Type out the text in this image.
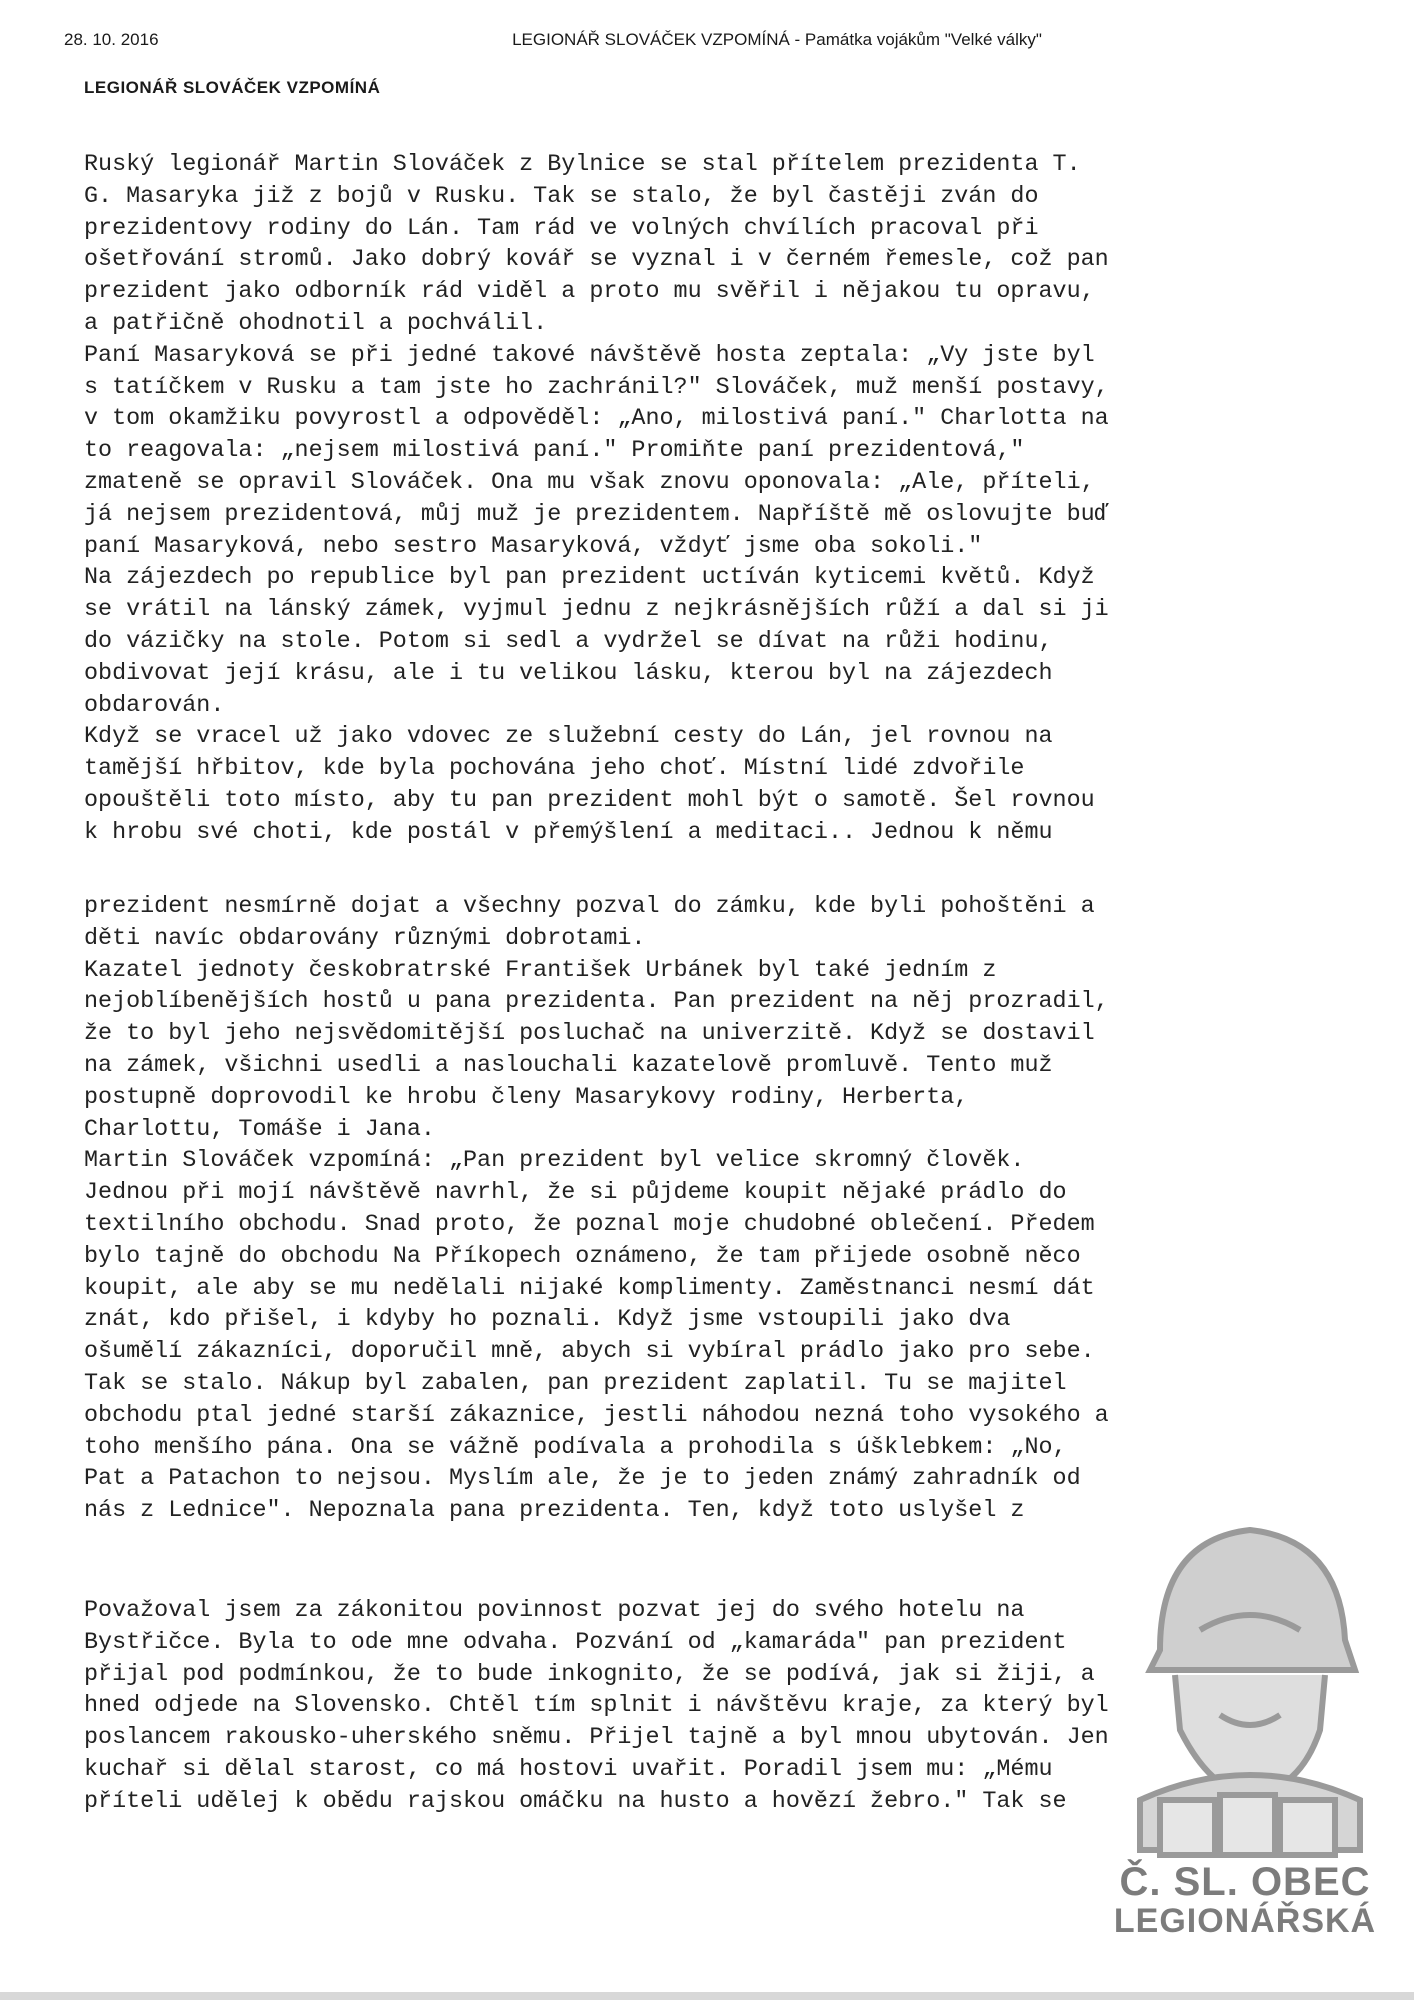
28. 10. 2016	LEGIONÁŘ SLOVÁČEK VZPOMÍNÁ - Památka vojákům "Velké války"
LEGIONÁŘ SLOVÁČEK VZPOMÍNÁ
Ruský legionář Martin Slováček z Bylnice se stal přítelem prezidenta T.
G. Masaryka již z bojů v Rusku. Tak se stalo, že byl častěji zván do
prezidentovy rodiny do Lán. Tam rád ve volných chvílích pracoval při
ošetřování stromů. Jako dobrý kovář se vyznal i v černém řemesle, což pan
prezident jako odborník rád viděl a proto mu svěřil i nějakou tu opravu,
a patřičně ohodnotil a pochválil.
Paní Masaryková se při jedné takové návštěvě hosta zeptala: „Vy jste byl
s tatíčkem v Rusku a tam jste ho zachránil?" Slováček, muž menší postavy,
v tom okamžiku povyrostl a odpověděl: „Ano, milostivá paní." Charlotta na
to reagovala: „nejsem milostivá paní." Promiňte paní prezidentová,"
zmateně se opravil Slováček. Ona mu však znovu oponovala: „Ale, příteli,
já nejsem prezidentová, můj muž je prezidentem. Napříště mě oslovujte buď
paní Masaryková, nebo sestro Masaryková, vždyť jsme oba sokoli."
Na zájezdech po republice byl pan prezident uctíván kyticemi květů. Když
se vrátil na lánský zámek, vyjmul jednu z nejkrásnějších růží a dal si ji
do vázičky na stole. Potom si sedl a vydržel se dívat na růži hodinu,
obdivovat její krásu, ale i tu velikou lásku, kterou byl na zájezdech
obdarován.
Když se vracel už jako vdovec ze služební cesty do Lán, jel rovnou na
tamější hřbitov, kde byla pochována jeho choť. Místní lidé zdvořile
opouštěli toto místo, aby tu pan prezident mohl být o samotě. Šel rovnou
k hrobu své choti, kde postál v přemýšlení a meditaci.. Jednou k němu
prezident nesmírně dojat a všechny pozval do zámku, kde byli pohoštěni a
děti navíc obdarovány různými dobrotami.
Kazatel jednoty českobratrské František Urbánek byl také jedním z
nejoblíbenějších hostů u pana prezidenta. Pan prezident na něj prozradil,
že to byl jeho nejsvědomitější posluchač na univerzitě. Když se dostavil
na zámek, všichni usedli a naslouchali kazatelově promluvě. Tento muž
postupně doprovodil ke hrobu členy Masarykovy rodiny, Herberta,
Charlottu, Tomáše i Jana.
Martin Slováček vzpomíná: „Pan prezident byl velice skromný člověk.
Jednou při mojí návštěvě navrhl, že si půjdeme koupit nějaké prádlo do
textilního obchodu. Snad proto, že poznal moje chudobné oblečení. Předem
bylo tajně do obchodu Na Příkopech oznámeno, že tam přijede osobně něco
koupit, ale aby se mu nedělali nijaké komplimenty. Zaměstnanci nesmí dát
znát, kdo přišel, i kdyby ho poznali. Když jsme vstoupili jako dva
ošumělí zákazníci, doporučil mně, abych si vybíral prádlo jako pro sebe.
Tak se stalo. Nákup byl zabalen, pan prezident zaplatil. Tu se majitel
obchodu ptal jedné starší zákaznice, jestli náhodou nezná toho vysokého a
toho menšího pána. Ona se vážně podívala a prohodila s úšklebkem: „No,
Pat a Patachon to nejsou. Myslím ale, že je to jeden známý zahradník od
nás z Lednice". Nepoznala pana prezidenta. Ten, když toto uslyšel z
Považoval jsem za zákonitou povinnost pozvat jej do svého hotelu na
Bystřičce. Byla to ode mne odvaha. Pozvání od „kamaráda" pan prezident
přijal pod podmínkou, že to bude inkognito, že se podívá, jak si žiji, a
hned odjede na Slovensko. Chtěl tím splnit i návštěvu kraje, za který byl
poslancem rakousko-uherského sněmu. Přijel tajně a byl mnou ubytován. Jen
kuchař si dělal starost, co má hostovi uvařit. Poradil jsem mu: „Mému
příteli udělej k obědu rajskou omáčku na husto a hovězí žebro." Tak se
Č. SL. OBEC
LEGIONÁŘSKÁ
